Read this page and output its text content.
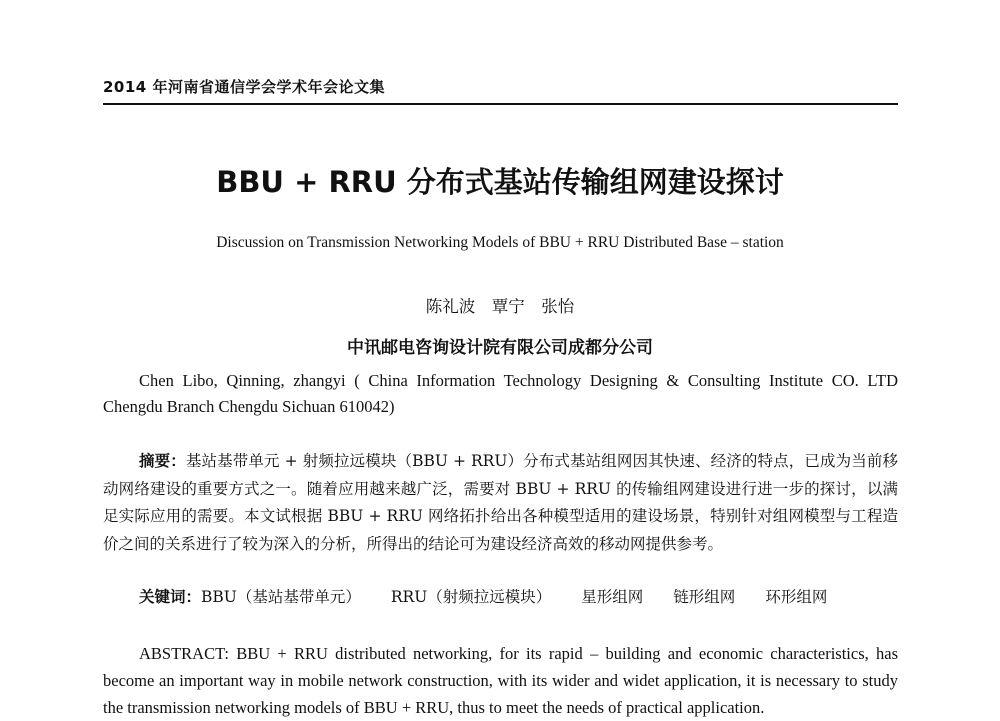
2014 年河南省通信学会学术年会论文集
BBU + RRU 分布式基站传输组网建设探讨
Discussion on Transmission Networking Models of BBU + RRU Distributed Base – station
陈礼波　覃宁　张怡
中讯邮电咨询设计院有限公司成都分公司
Chen Libo, Qinning, zhangyi ( China Information Technology Designing & Consulting Institute CO. LTD Chengdu Branch Chengdu Sichuan 610042)
摘要：基站基带单元 + 射频拉远模块（BBU + RRU）分布式基站组网因其快速、经济的特点，已成为当前移动网络建设的重要方式之一。随着应用越来越广泛，需要对 BBU + RRU 的传输组网建设进行进一步的探讨，以满足实际应用的需要。本文试根据 BBU + RRU 网络拓扑给出各种模型适用的建设场景，特别针对组网模型与工程造价之间的关系进行了较为深入的分析，所得出的结论可为建设经济高效的移动网提供参考。
关键词：BBU（基站基带单元） RRU（射频拉远模块） 星形组网 链形组网 环形组网
ABSTRACT: BBU + RRU distributed networking, for its rapid – building and economic characteristics, has become an important way in mobile network construction, with its wider and widet application, it is necessary to study the transmission networking models of BBU + RRU, thus to meet the needs of practical application.
